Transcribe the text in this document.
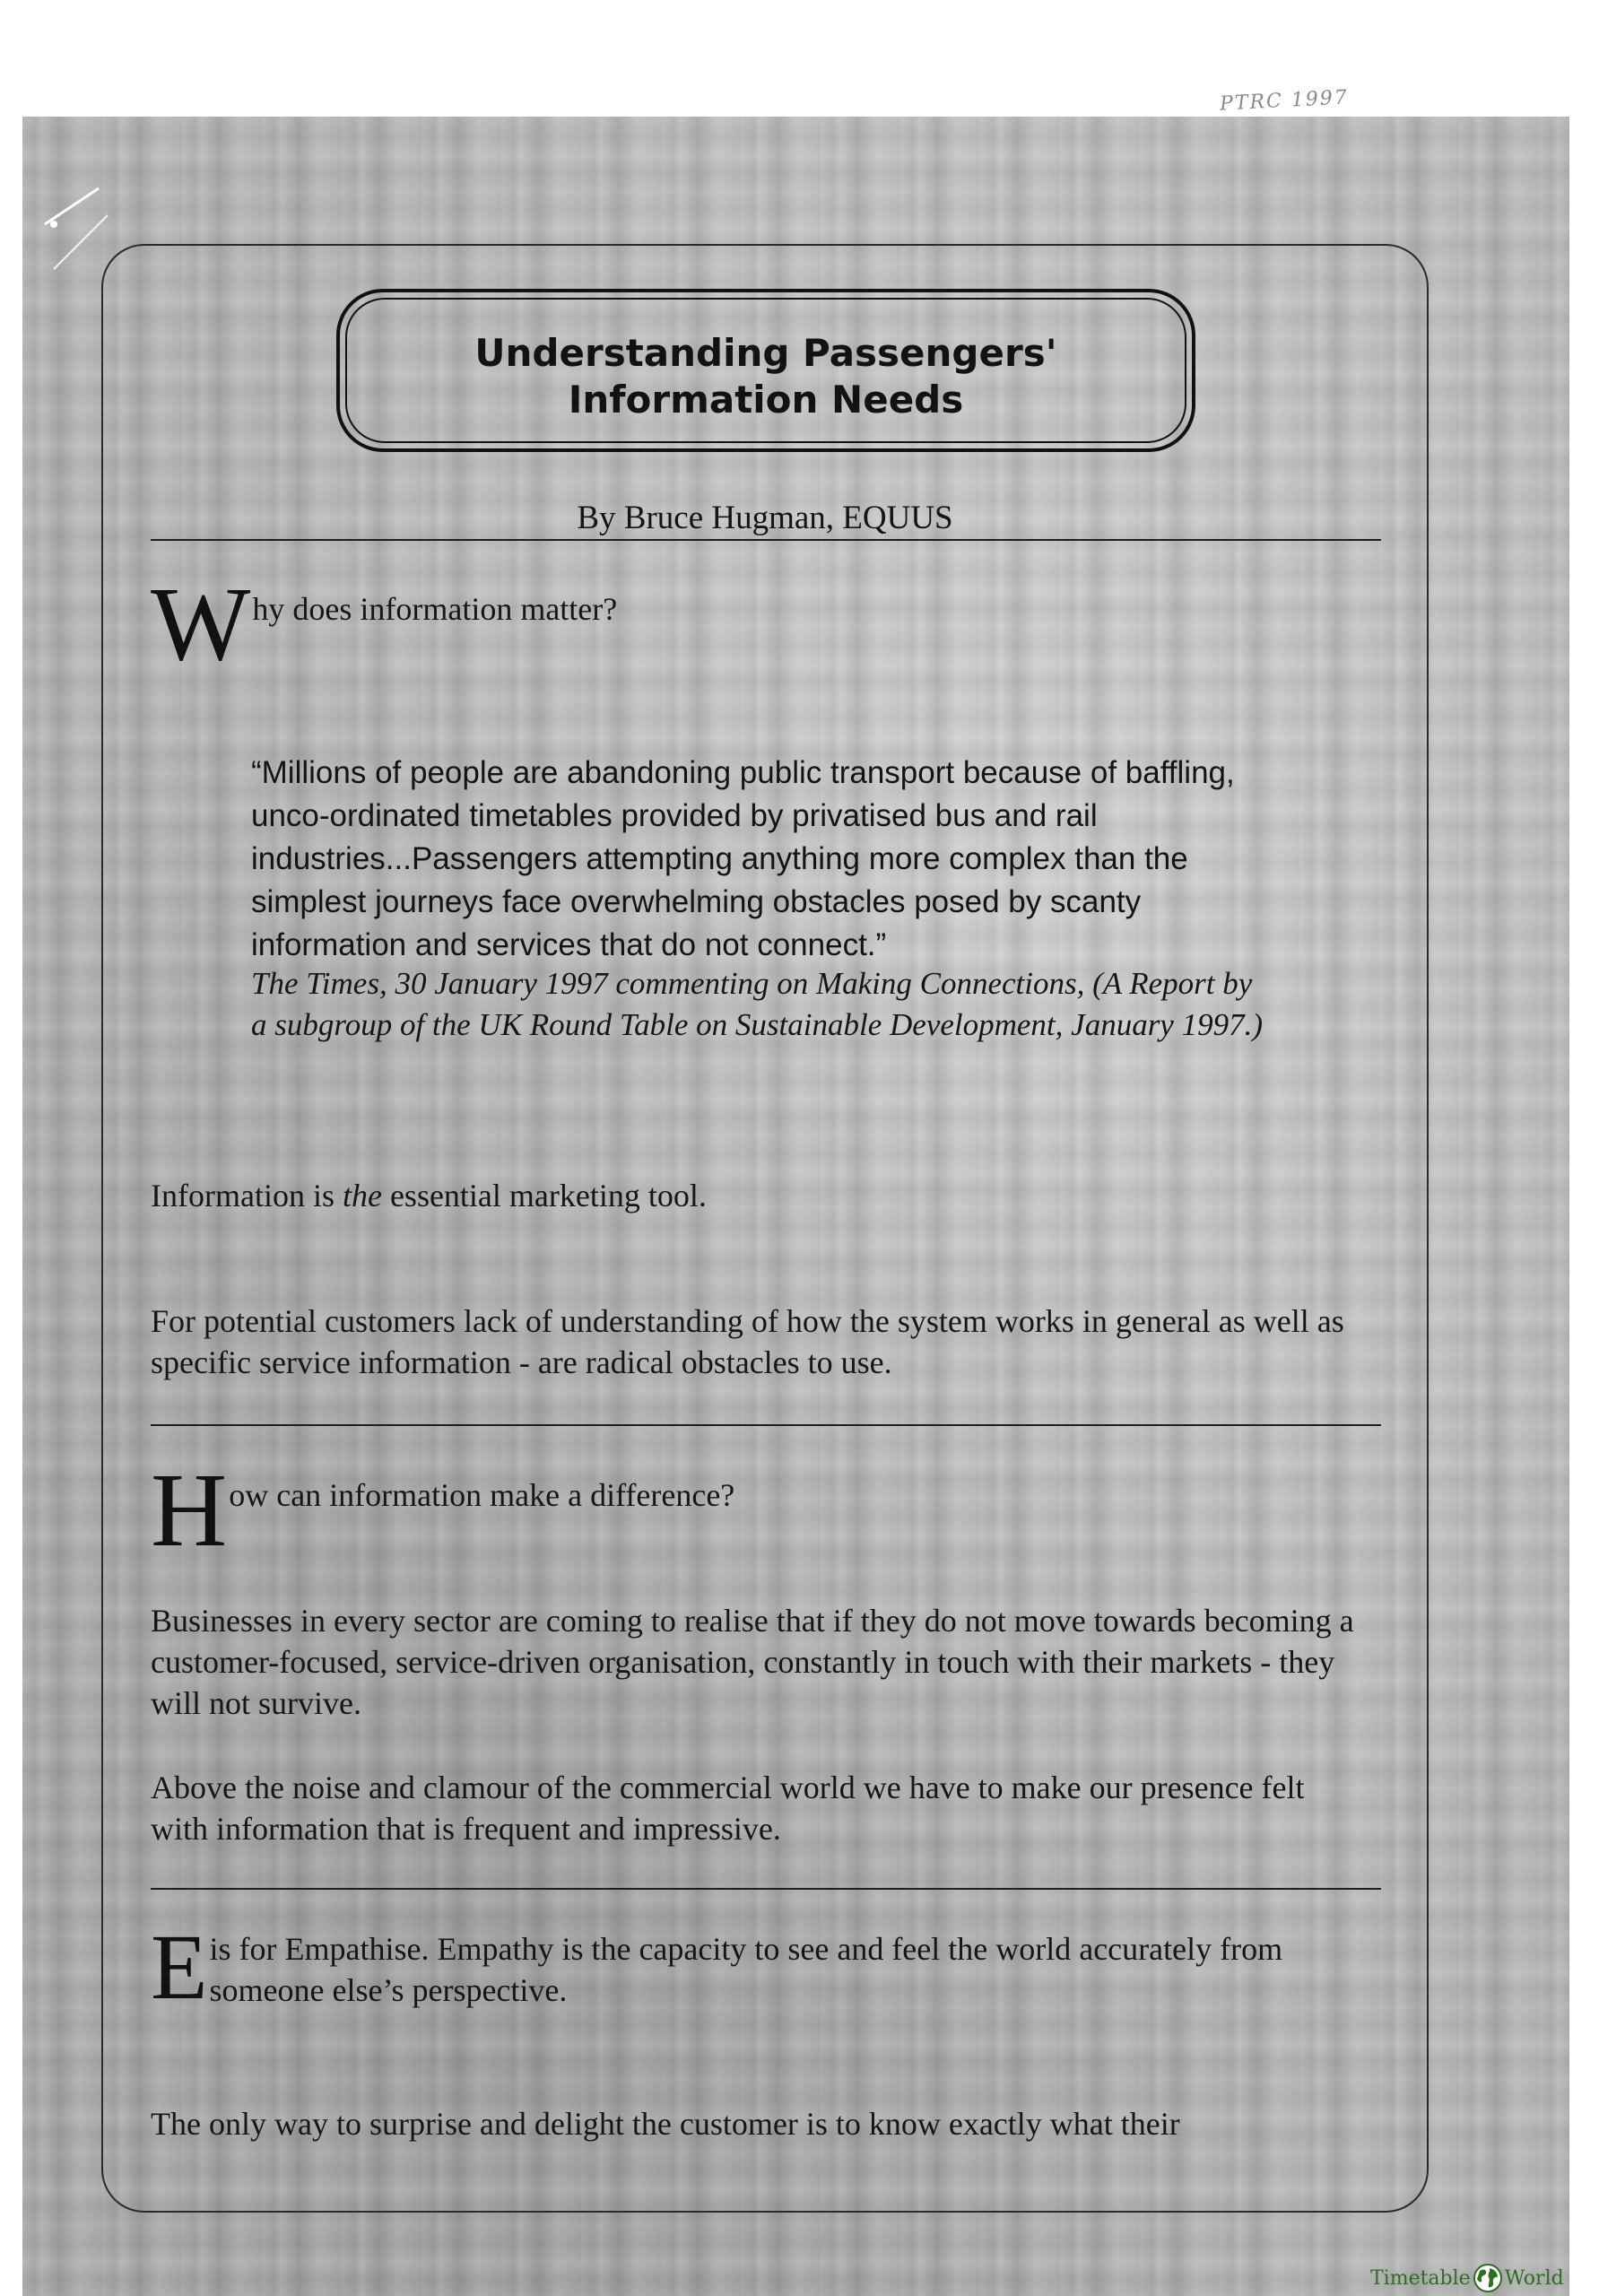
PTRC 1997
Understanding Passengers'
Information Needs
By Bruce Hugman, EQUUS
W hy does information matter?
“Millions of people are abandoning public transport because of baffling, unco-ordinated timetables provided by privatised bus and rail industries...Passengers attempting anything more complex than the simplest journeys face overwhelming obstacles posed by scanty information and services that do not connect.”
The Times, 30 January 1997 commenting on Making Connections, (A Report by a subgroup of the UK Round Table on Sustainable Development, January 1997.)
Information is the essential marketing tool.
For potential customers lack of understanding of how the system works in general as well as specific service information - are radical obstacles to use.
H ow can information make a difference?
Businesses in every sector are coming to realise that if they do not move towards becoming a customer-focused, service-driven organisation, constantly in touch with their markets - they will not survive.
Above the noise and clamour of the commercial world we have to make our presence felt with information that is frequent and impressive.
E is for Empathise. Empathy is the capacity to see and feel the world accurately from someone else’s perspective.
The only way to surprise and delight the customer is to know exactly what their
Timetable World
